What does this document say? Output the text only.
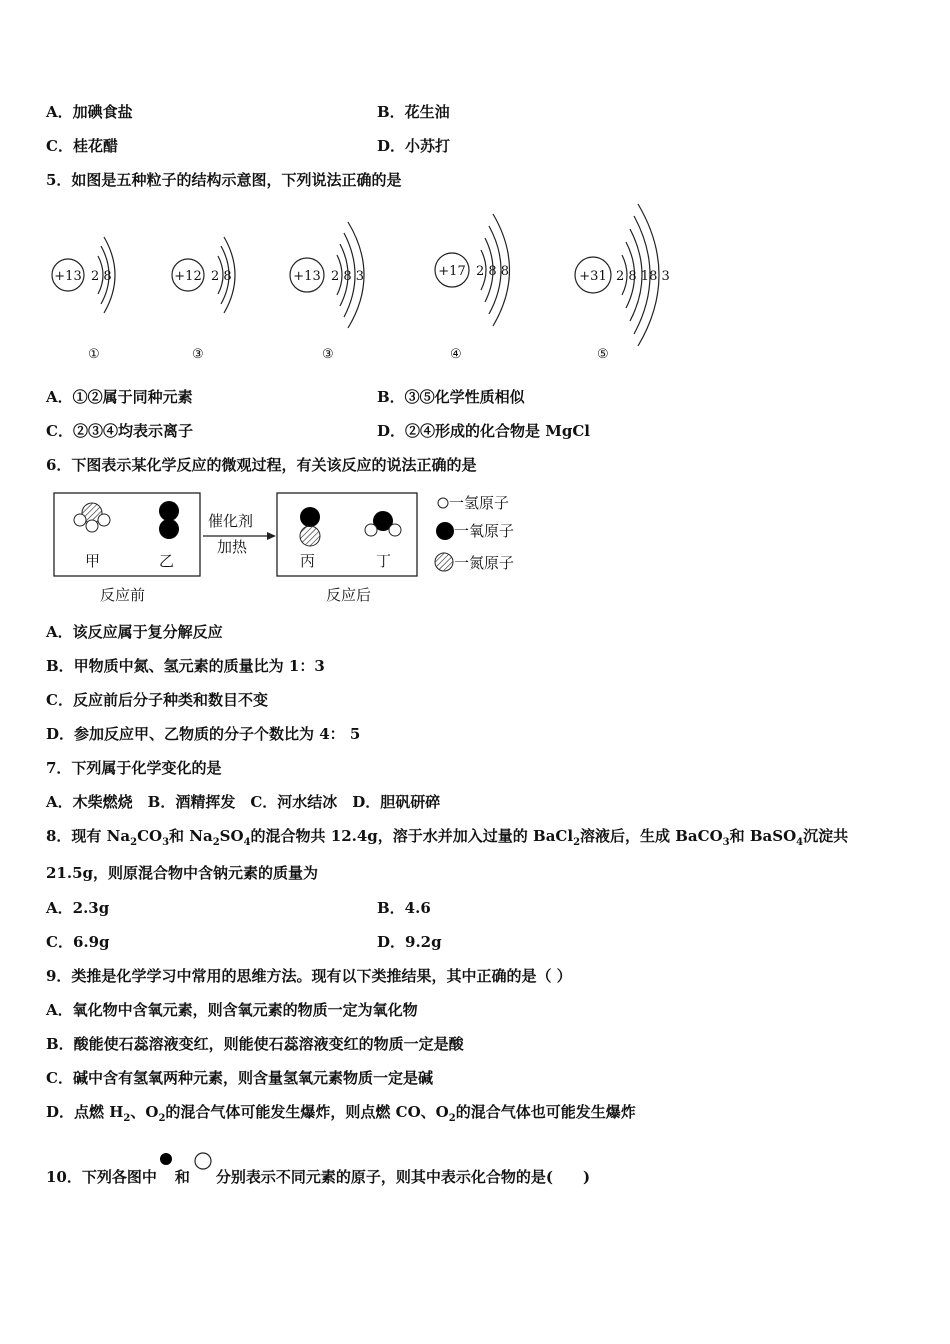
A．加碘食盐	B．花生油
C．桂花醋	D．小苏打
5．如图是五种粒子的结构示意图，下列说法正确的是
+13 2 8
①
+12 2 8
③
+13 2 8 3
③
+17 2 8 8
④
+31 2 8 18 3
⑤
A．①②属于同种元素	B．③⑤化学性质相似
C．②③④均表示离子	D．②④形成的化合物是 MgCl
6．下图表示某化学反应的微观过程，有关该反应的说法正确的是
甲	乙	丙	丁
催化剂
加热
反应前	反应后
一氢原子
一氧原子
一氮原子
A．该反应属于复分解反应
B．甲物质中氮、氢元素的质量比为 1：3
C．反应前后分子种类和数目不变
D．参加反应甲、乙物质的分子个数比为 4： 5
7．下列属于化学变化的是
A．木柴燃烧　B．酒精挥发　C．河水结冰　D．胆矾研碎
8．现有 $Na_2CO_3$和 $Na_2SO_4$的混合物共 12.4g，溶于水并加入过量的 BaCl$_2$溶液后，生成 BaCO$_3$和 BaSO$_4$沉淀共
21.5g，则原混合物中含钠元素的质量为
A．2.3g	B．4.6
C．6.9g	D．9.2g
9．类推是化学学习中常用的思维方法。现有以下类推结果，其中正确的是（ ）
A．氧化物中含氧元素，则含氧元素的物质一定为氧化物
B．酸能使石蕊溶液变红，则能使石蕊溶液变红的物质一定是酸
C．碱中含有氢氧两种元素，则含量氢氧元素物质一定是碱
D．点燃 $H_2$、$O_2$的混合气体可能发生爆炸，则点燃 CO、$O_2$的混合气体也可能发生爆炸
10．下列各图中 和 分别表示不同元素的原子，则其中表示化合物的是(　　)
